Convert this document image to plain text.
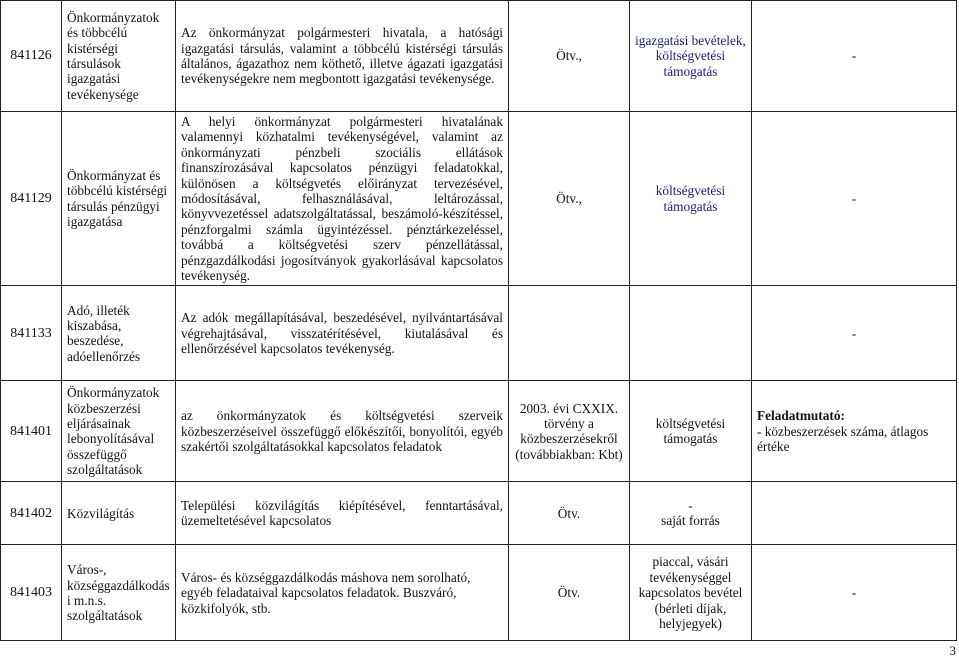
841126	Önkormányzatok és többcélú kistérségi társulások igazgatási tevékenysége	Az önkormányzat polgármesteri hivatala, a hatósági igazgatási társulás, valamint a többcélú kistérségi társulás általános, ágazathoz nem köthető, illetve ágazati igazgatási tevékenységekre nem megbontott igazgatási tevékenysége.	Ötv.,	igazgatási bevételek, költségvetési támogatás	-
841129	Önkormányzat és többcélú kistérségi társulás pénzügyi igazgatása	A helyi önkormányzat polgármesteri hivatalának valamennyi közhatalmi tevékenységével, valamint az önkormányzati pénzbeli szociális ellátások finanszírozásával kapcsolatos pénzügyi feladatokkal, különösen a költségvetés előirányzat tervezésével, módosításával, felhasználásával, leltározással, könyvvezetéssel adatszolgáltatással, beszámoló-készítéssel, pénzforgalmi számla ügyintézéssel. pénztárkezeléssel, továbbá a költségvetési szerv pénzellátással, pénzgazdálkodási jogosítványok gyakorlásával kapcsolatos tevékenység.	Ötv.,	költségvetési támogatás	-
841133	Adó, illeték kiszabása, beszedése, adóellenőrzés	Az adók megállapításával, beszedésével, nyilvántartásával végrehajtásával, visszatérítésével, kiutalásával és ellenőrzésével kapcsolatos tevékenység.			-
841401	Önkormányzatok közbeszerzési eljárásainak lebonyolításával összefüggő szolgáltatások	az önkormányzatok és költségvetési szerveik közbeszerzéseivel összefüggő előkészítői, bonyolítói, egyéb szakértői szolgáltatásokkal kapcsolatos feladatok	2003. évi CXXIX. törvény a közbeszerzésekről (továbbiakban: Kbt)	költségvetési támogatás	Feladatmutató:
- közbeszerzések száma, átlagos értéke
841402	Közvilágítás	Települési közvilágítás kiépítésével, fenntartásával, üzemeltetésével kapcsolatos	Ötv.	-
saját forrás	

841403	Város-, községgazdálkodás i m.n.s. szolgáltatások	Város- és községgazdálkodás máshova nem sorolható, egyéb feladataival kapcsolatos feladatok. Buszváró, közkifolyók, stb.	Ötv.	piaccal, vásári tevékenységgel kapcsolatos bevétel (bérleti díjak, helyjegyek)	-
3
